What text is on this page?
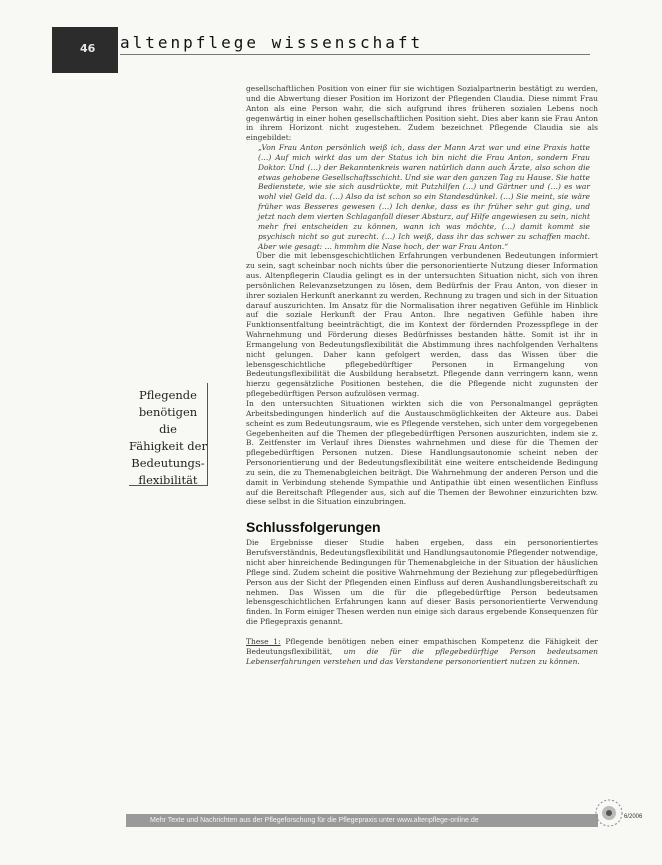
46 altenpflege wissenschaft

gesellschaftlichen Position von einer für sie wichtigen Sozialpartnerin bestätigt zu werden, und die Abwertung dieser Position im Horizont der Pflegenden Claudia. Diese nimmt Frau Anton als eine Person wahr, die sich aufgrund ihres früheren sozialen Lebens noch gegenwärtig in einer hohen gesellschaftlichen Position sieht. Dies aber kann sie Frau Anton in ihrem Horizont nicht zugestehen. Zudem bezeichnet Pflegende Claudia sie als eingebildet:

„Von Frau Anton persönlich weiß ich, dass der Mann Arzt war und eine Praxis hatte (…) Auf mich wirkt das um der Status ich bin nicht die Frau Anton, sondern Frau Doktor. Und (…) der Bekanntenkreis waren natürlich dann auch Ärzte, also schon die etwas gehobene Gesellschaftsschicht. Und sie war den ganzen Tag zu Hause. Sie hatte Bedienstete, wie sie sich ausdrückte, mit Putzhilfen (…) und Gärtner und (…) es war wohl viel Geld da. (…) Also da ist schon so ein Standesdünkel. (…) Sie meint, sie wäre früher was Besseres gewesen (…) Ich denke, dass es ihr früher sehr gut ging, und jetzt nach dem vierten Schlaganfall dieser Absturz, auf Hilfe angewiesen zu sein, nicht mehr frei entscheiden zu können, wann ich was möchte, (…) damit kommt sie psychisch nicht so gut zurecht. (…) Ich weiß, dass ihr das schwer zu schaffen macht. Aber wie gesagt: … hmmhm die Nase hoch, der war Frau Anton.“

Über die mit lebensgeschichtlichen Erfahrungen verbundenen Bedeutungen informiert zu sein, sagt scheinbar noch nichts über die personorientierte Nutzung dieser Information aus. Altenpflegerin Claudia gelingt es in der untersuchten Situation nicht, sich von ihren persönlichen Relevanzsetzungen zu lösen, dem Bedürfnis der Frau Anton, von dieser in ihrer sozialen Herkunft anerkannt zu werden, Rechnung zu tragen und sich in der Situation darauf auszurichten. Im Ansatz für die Normalisation ihrer negativen Gefühle im Hinblick auf die soziale Herkunft der Frau Anton. Ihre negativen Gefühle haben ihre Funktionsentfaltung beeinträchtigt, die im Kontext der fördernden Prozesspflege in der Wahrnehmung und Förderung dieses Bedürfnisses bestanden hätte. Somit ist ihr in Ermangelung von Bedeutungsflexibilität die Abstimmung ihres nachfolgenden Verhaltens nicht gelungen. Daher kann gefolgert werden, dass das Wissen über die lebensgeschichtliche pflegebedürftiger Personen in Ermangelung von Bedeutungsflexibilität die Ausbildung herabsetzt. Pflegende dann verringern kann, wenn hierzu gegensätzliche Positionen bestehen, die die Pflegende nicht zugunsten der pflegebedürftigen Person aufzulösen vermag.

In den untersuchten Situationen wirkten sich die von Personalmangel geprägten Arbeitsbedingungen hinderlich auf die Austauschmöglichkeiten der Akteure aus. Dabei scheint es zum Bedeutungsraum, wie es Pflegende verstehen, sich unter dem vorgegebenen Gegebenheiten auf die Themen der pflegebedürftigen Personen auszurichten, indem sie z. B. Zeitfenster im Verlauf ihres Dienstes wahrnehmen und diese für die Themen der pflegebedürftigen Personen nutzen. Diese Handlungsautonomie scheint neben der Personorientierung und der Bedeutungsflexibilität eine weitere entscheidende Bedingung zu sein, die zu Themenabgleichen beiträgt. Die Wahrnehmung der anderen Person und die damit in Verbindung stehende Sympathie und Antipathie übt einen wesentlichen Einfluss auf die Bereitschaft Pflegender aus, sich auf die Themen der Bewohner einzurichten bzw. diese selbst in die Situation einzubringen.

Schlussfolgerungen

Die Ergebnisse dieser Studie haben ergeben, dass ein personorientiertes Berufsverständnis, Bedeutungsflexibilität und Handlungsautonomie Pflegender notwendige, nicht aber hinreichende Bedingungen für Themenabgleiche in der Situation der häuslichen Pflege sind. Zudem scheint die positive Wahrnehmung der Beziehung zur pflegebedürftigen Person aus der Sicht der Pflegenden einen Einfluss auf deren Aushandlungsbereitschaft zu nehmen. Das Wissen um die für die pflegebedürftige Person bedeutsamen lebensgeschichtlichen Erfahrungen kann auf dieser Basis personorientierte Verwendung finden. In Form einiger Thesen werden nun einige sich daraus ergebende Konsequenzen für die Pflegepraxis genannt.

These 1: Pflegende benötigen neben einer empathischen Kompetenz die Fähigkeit der Bedeutungsflexibilität, um die für die pflegebedürftige Person bedeutsamen Lebenserfahrungen verstehen und das Verstandene personorientiert nutzen zu können.

Pflegende
benötigen die
Fähigkeit der
Bedeutungs-
flexibilität
Mehr Texte und Nachrichten aus der Pflegeforschung für die Pflegepraxis unter www.altenpflege-online.de	6/2006
